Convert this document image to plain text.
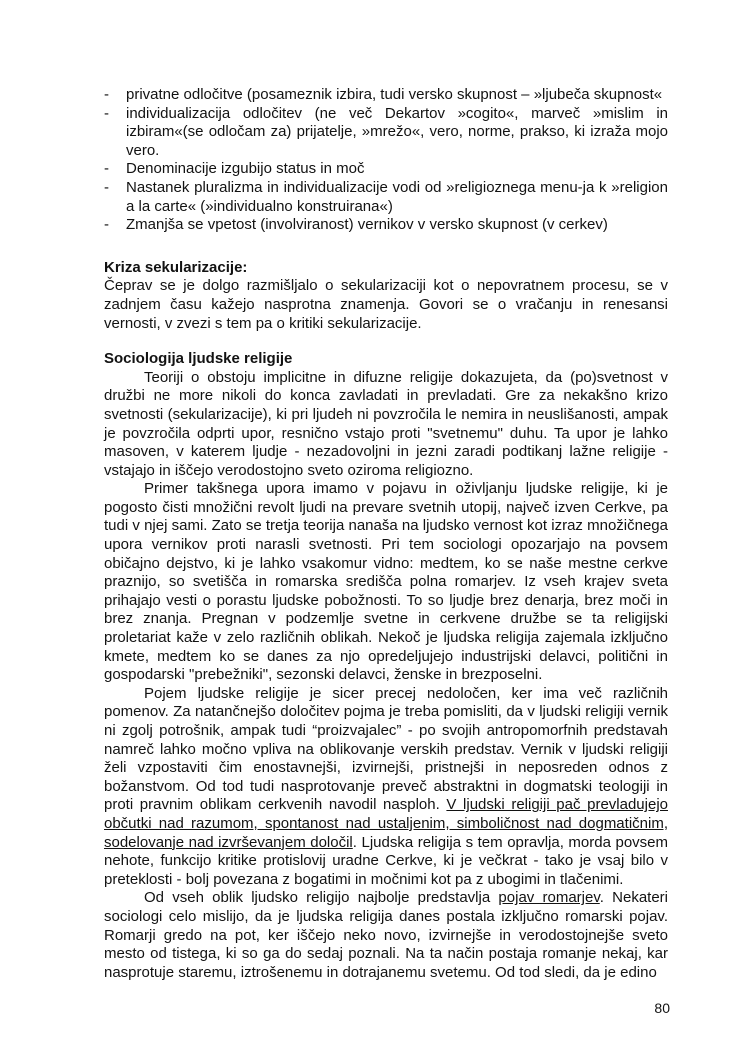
-	privatne odločitve (posameznik izbira, tudi versko skupnost – »ljubeča skupnost«
-	individualizacija odločitev (ne več Dekartov »cogito«, marveč »mislim in izbiram«(se odločam za) prijatelje, »mrežo«, vero, norme, prakso, ki izraža mojo vero.
-	Denominacije izgubijo status in moč
-	Nastanek pluralizma in individualizacije vodi od »religioznega menu-ja k »religion a la carte« (»individualno konstruirana«)
-	Zmanjša se vpetost (involviranost) vernikov v versko skupnost (v cerkev)
Kriza sekularizacije:

Čeprav se je dolgo razmišljalo o sekularizaciji kot o nepovratnem procesu, se v zadnjem času kažejo nasprotna znamenja. Govori se o vračanju in renesansi vernosti, v zvezi s tem pa o kritiki sekularizacije.

Sociologija ljudske religije

Teoriji o obstoju implicitne in difuzne religije dokazujeta, da (po)svetnost v družbi ne more nikoli do konca zavladati in prevladati. Gre za nekakšno krizo svetnosti (sekularizacije), ki pri ljudeh ni povzročila le nemira in neuslišanosti, ampak je povzročila odprti upor, resnično vstajo proti "svetnemu" duhu. Ta upor je lahko masoven, v katerem ljudje - nezadovoljni in jezni zaradi podtikanj lažne religije - vstajajo in iščejo verodostojno sveto oziroma religiozno.

Primer takšnega upora imamo v pojavu in oživljanju ljudske religije, ki je pogosto čisti množični revolt ljudi na prevare svetnih utopij, največ izven Cerkve, pa tudi v njej sami. Zato se tretja teorija nanaša na ljudsko vernost kot izraz množičnega upora vernikov proti narasli svetnosti. Pri tem sociologi opozarjajo na povsem običajno dejstvo, ki je lahko vsakomur vidno: medtem, ko se naše mestne cerkve praznijo, so svetišča in romarska središča polna romarjev. Iz vseh krajev sveta prihajajo vesti o porastu ljudske pobožnosti. To so ljudje brez denarja, brez moči in brez znanja. Pregnan v podzemlje svetne in cerkvene družbe se ta religijski proletariat kaže v zelo različnih oblikah. Nekoč je ljudska religija zajemala izključno kmete, medtem ko se danes za njo opredeljujejo industrijski delavci, politični in gospodarski "prebežniki", sezonski delavci, ženske in brezposelni.

Pojem ljudske religije je sicer precej nedoločen, ker ima več različnih pomenov. Za natančnejšo določitev pojma je treba pomisliti, da v ljudski religiji vernik ni zgolj potrošnik, ampak tudi “proizvajalec” - po svojih antropomorfnih predstavah namreč lahko močno vpliva na oblikovanje verskih predstav. Vernik v ljudski religiji želi vzpostaviti čim enostavnejši, izvirnejši, pristnejši in neposreden odnos z božanstvom. Od tod tudi nasprotovanje preveč abstraktni in dogmatski teologiji in proti pravnim oblikam cerkvenih navodil nasploh. V ljudski religiji pač prevladujejo občutki nad razumom, spontanost nad ustaljenim, simboličnost nad dogmatičnim, sodelovanje nad izvrševanjem določil. Ljudska religija s tem opravlja, morda povsem nehote, funkcijo kritike protislovij uradne Cerkve, ki je večkrat - tako je vsaj bilo v preteklosti - bolj povezana z bogatimi in močnimi kot pa z ubogimi in tlačenimi.

Od vseh oblik ljudsko religijo najbolje predstavlja pojav romarjev. Nekateri sociologi celo mislijo, da je ljudska religija danes postala izključno romarski pojav. Romarji gredo na pot, ker iščejo neko novo, izvirnejše in verodostojnejše sveto mesto od tistega, ki so ga do sedaj poznali. Na ta način postaja romanje nekaj, kar nasprotuje staremu, iztrošenemu in dotrajanemu svetemu. Od tod sledi, da je edino

80
